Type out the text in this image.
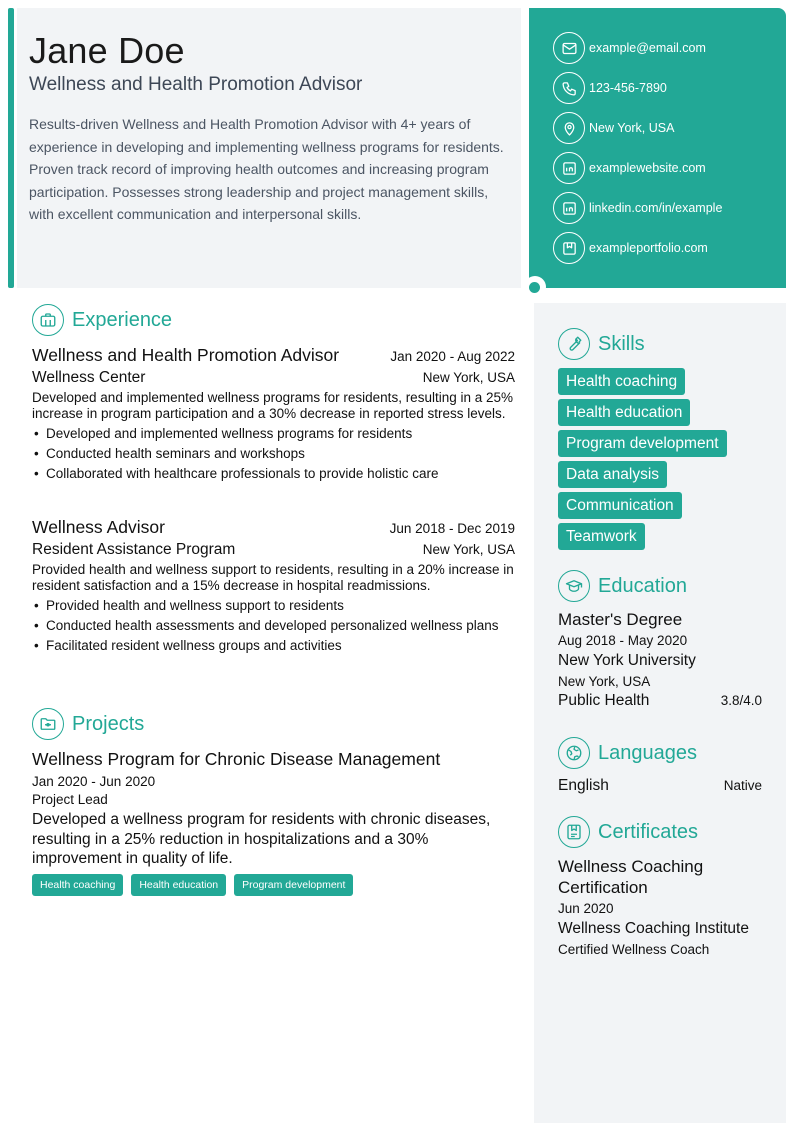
Jane Doe
Wellness and Health Promotion Advisor
Results-driven Wellness and Health Promotion Advisor with 4+ years of experience in developing and implementing wellness programs for residents. Proven track record of improving health outcomes and increasing program participation. Possesses strong leadership and project management skills, with excellent communication and interpersonal skills.
example@email.com
123-456-7890
New York, USA
examplewebsite.com
linkedin.com/in/example
exampleportfolio.com
Experience
Wellness and Health Promotion Advisor	Jan 2020 - Aug 2022
Wellness Center	New York, USA
Developed and implemented wellness programs for residents, resulting in a 25% increase in program participation and a 30% decrease in reported stress levels.
• Developed and implemented wellness programs for residents
• Conducted health seminars and workshops
• Collaborated with healthcare professionals to provide holistic care
Wellness Advisor	Jun 2018 - Dec 2019
Resident Assistance Program	New York, USA
Provided health and wellness support to residents, resulting in a 20% increase in resident satisfaction and a 15% decrease in hospital readmissions.
• Provided health and wellness support to residents
• Conducted health assessments and developed personalized wellness plans
• Facilitated resident wellness groups and activities
Projects
Wellness Program for Chronic Disease Management
Jan 2020 - Jun 2020
Project Lead
Developed a wellness program for residents with chronic diseases, resulting in a 25% reduction in hospitalizations and a 30% improvement in quality of life.
Health coaching	Health education	Program development
Skills
Health coaching
Health education
Program development
Data analysis
Communication
Teamwork
Education
Master's Degree
Aug 2018 - May 2020
New York University
New York, USA
Public Health	3.8/4.0
Languages
English	Native
Certificates
Wellness Coaching Certification
Jun 2020
Wellness Coaching Institute
Certified Wellness Coach
